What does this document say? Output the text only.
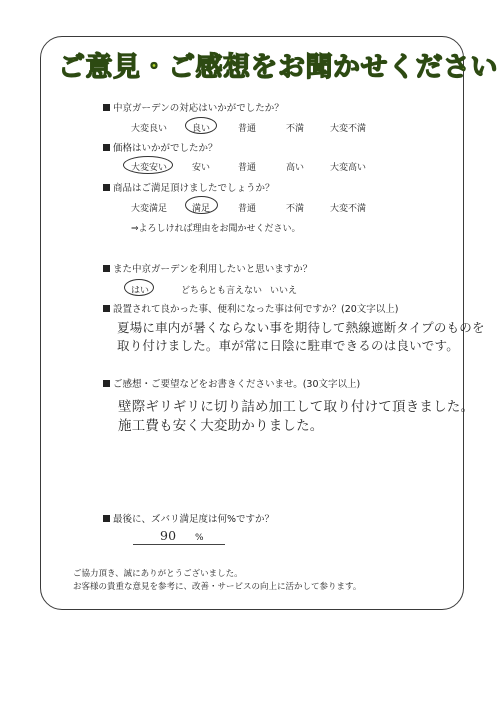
ご意見・ご感想をお聞かせください
中京ガーデンの対応はいかがでしたか？
大変良い	良い	普通	不満	大変不満
価格はいかがでしたか？
大変安い	安い	普通	高い	大変高い
商品はご満足頂けましたでしょうか？
大変満足	満足	普通	不満	大変不満
⇒よろしければ理由をお聞かせください。
また中京ガーデンを利用したいと思いますか？
はい	どちらとも言えない いいえ
設置されて良かった事、便利になった事は何ですか？(20文字以上)
夏場に車内が暑くならない事を期待して熱線遮断タイプのものを
取り付けました。車が常に日陰に駐車できるのは良いです。
ご感想・ご要望などをお書きくださいませ。(30文字以上)
壁際ギリギリに切り詰め加工して取り付けて頂きました。
施工費も安く大変助かりました。
最後に、ズバリ満足度は何%ですか？
90 %
ご協力頂き、誠にありがとうございました。
お客様の貴重な意見を参考に、改善・サービスの向上に活かして参ります。
